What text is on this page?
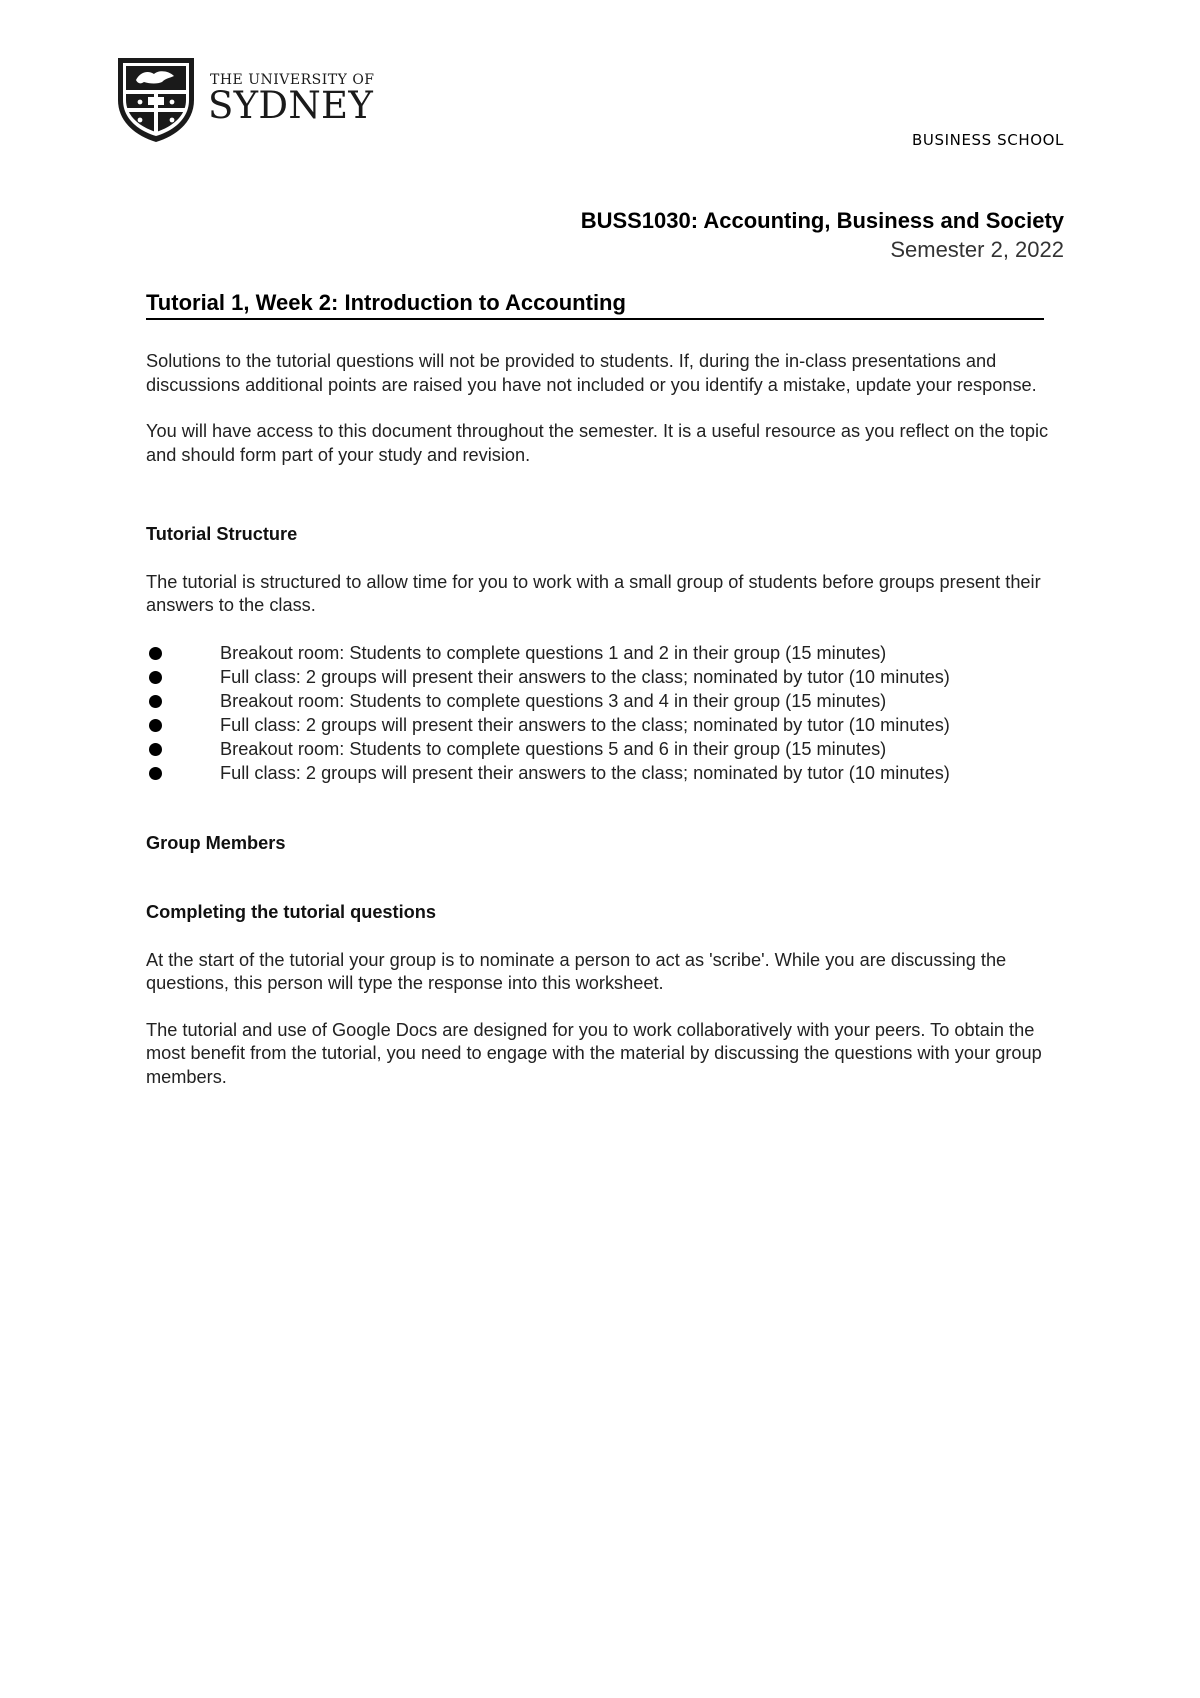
THE UNIVERSITY OF
SYDNEY
BUSINESS SCHOOL
BUSS1030: Accounting, Business and Society
Semester 2, 2022
Tutorial 1, Week 2: Introduction to Accounting

Solutions to the tutorial questions will not be provided to students. If, during the in-class presentations and discussions additional points are raised you have not included or you identify a mistake, update your response.

You will have access to this document throughout the semester. It is a useful resource as you reflect on the topic and should form part of your study and revision.

Tutorial Structure

The tutorial is structured to allow time for you to work with a small group of students before groups present their answers to the class.

Breakout room: Students to complete questions 1 and 2 in their group (15 minutes)
Full class: 2 groups will present their answers to the class; nominated by tutor (10 minutes)
Breakout room: Students to complete questions 3 and 4 in their group (15 minutes)
Full class: 2 groups will present their answers to the class; nominated by tutor (10 minutes)
Breakout room: Students to complete questions 5 and 6 in their group (15 minutes)
Full class: 2 groups will present their answers to the class; nominated by tutor (10 minutes)
Group Members
Completing the tutorial questions

At the start of the tutorial your group is to nominate a person to act as 'scribe'. While you are discussing the questions, this person will type the response into this worksheet.

The tutorial and use of Google Docs are designed for you to work collaboratively with your peers. To obtain the most benefit from the tutorial, you need to engage with the material by discussing the questions with your group members.
